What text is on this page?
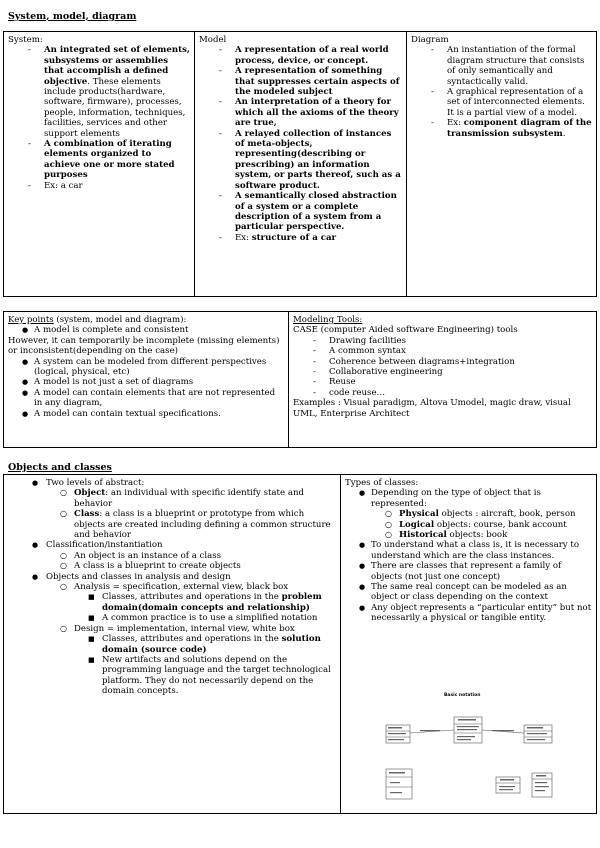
System, model, diagram
System:
- An integrated set of elements, subsystems or assemblies that accomplish a defined objective. These elements include products(hardware, software, firmware), processes, people, information, techniques, facilities, services and other support elements
- A combination of iterating elements organized to achieve one or more stated purposes
- Ex: a car
Model
- A representation of a real world process, device, or concept.
- A representation of something that suppresses certain aspects of the modeled subject
- An interpretation of a theory for which all the axioms of the theory are true,
- A relayed collection of instances of meta-objects, representing(describing or prescribing) an information system, or parts thereof, such as a software product.
- A semantically closed abstraction of a system or a complete description of a system from a particular perspective.
- Ex: structure of a car
Diagram
- An instantiation of the formal diagram structure that consists of only semantically and syntactically valid.
- A graphical representation of a set of interconnected elements. It is a partial view of a model.
- Ex: component diagram of the transmission subsystem.
Key points (system, model and diagram):
● A model is complete and consistent
However, it can temporarily be incomplete (missing elements) or inconsistent(depending on the case)
● A system can be modeled from different perspectives (logical, physical, etc)
● A model is not just a set of diagrams
● A model can contain elements that are not represented in any diagram,
● A model can contain textual specifications.
Modeling Tools:
CASE (computer Aided software Engineering) tools
- Drawing facilities
- A common syntax
- Coherence between diagrams+integration
- Collaborative engineering
- Reuse
- code reuse…
Examples : Visual paradigm, Altova Umodel, magic draw, visual UML, Enterprise Architect
Objects and classes
● Two levels of abstract:
○ Object: an individual with specific identify state and behavior
○ Class: a class is a blueprint or prototype from which objects are created including defining a common structure and behavior
● Classification/instantiation
○ An object is an instance of a class
○ A class is a blueprint to create objects
● Objects and classes in analysis and design
○ Analysis = specification, external view, black box
■ Classes, attributes and operations in the problem domain(domain concepts and relationship)
■ A common practice is to use a simplified notation
○ Design = implementation, internal view, white box
■ Classes, attributes and operations in the solution domain (source code)
■ New artifacts and solutions depend on the programming language and the target technological platform. They do not necessarily depend on the domain concepts.
Types of classes:
● Depending on the type of object that is represented:
○ Physical objects : aircraft, book, person
○ Logical objects: course, bank account
○ Historical objects: book
● To understand what a class is, it is necessary to understand which are the class instances.
● There are classes that represent a family of objects (not just one concept)
● The same real concept can be modeled as an object or class depending on the context
● Any object represents a “particular entity” but not necessarily a physical or tangible entity.
Basic notation
